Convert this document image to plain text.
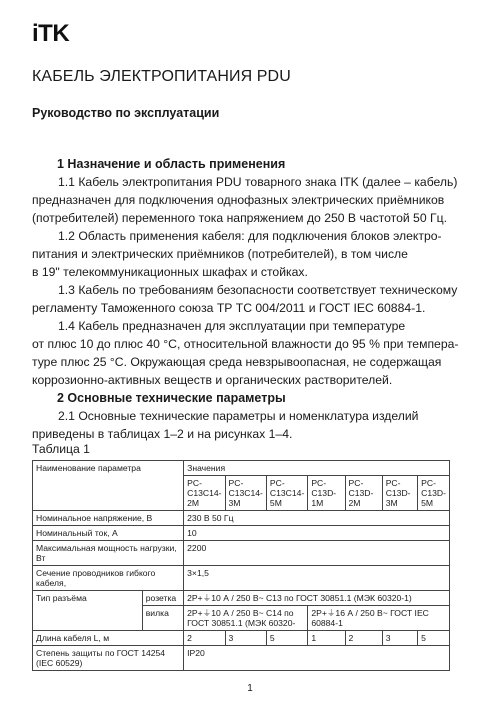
iTK
КАБЕЛЬ ЭЛЕКТРОПИТАНИЯ PDU
Руководство по эксплуатации
1 Назначение и область применения
1.1 Кабель электропитания PDU товарного знака ITK (далее – кабель)
предназначен для подключения однофазных электрических приёмников
(потребителей) переменного тока напряжением до 250 В частотой 50 Гц.
1.2 Область применения кабеля: для подключения блоков электро-
питания и электрических приёмников (потребителей), в том числе
в 19" телекоммуникационных шкафах и стойках.
1.3 Кабель по требованиям безопасности соответствует техническому
регламенту Таможенного союза ТР ТС 004/2011 и ГОСТ IEC 60884-1.
1.4 Кабель предназначен для эксплуатации при температуре
от плюс 10 до плюс 40 °С, относительной влажности до 95 % при темпера-
туре плюс 25 °С. Окружающая среда невзрывоопасная, не содержащая
коррозионно-активных веществ и органических растворителей.
2 Основные технические параметры
2.1 Основные технические параметры и номенклатура изделий
приведены в таблицах 1–2 и на рисунках 1–4.
Таблица 1
Наименование параметра		Значения						
		PC-C13C14-2M	PC-C13C14-3M	PC-C13C14-5M	PC-C13D-1M	PC-C13D-2M	PC-C13D-3M	PC-C13D-5M
Номинальное напряжение, В		230 В 50 Гц						
Номинальный ток, А		10						
Максимальная мощность нагрузки, Вт		2200						
Сечение проводников гибкого кабеля,		3×1,5						
Тип разъёма	розетка	2Р+⏚10 А / 250 В~ С13 по ГОСТ 30851.1 (МЭК 60320-1)						
	вилка	2Р+⏚10 А / 250 В~ С14 по ГОСТ 30851.1 (МЭК 60320-			2Р+⏚16 А / 250 В~ ГОСТ IEC 60884-1			
Длина кабеля L, м		2	3	5	1	2	3	5
Степень защиты по ГОСТ 14254 (IEC 60529)		IP20						
1
